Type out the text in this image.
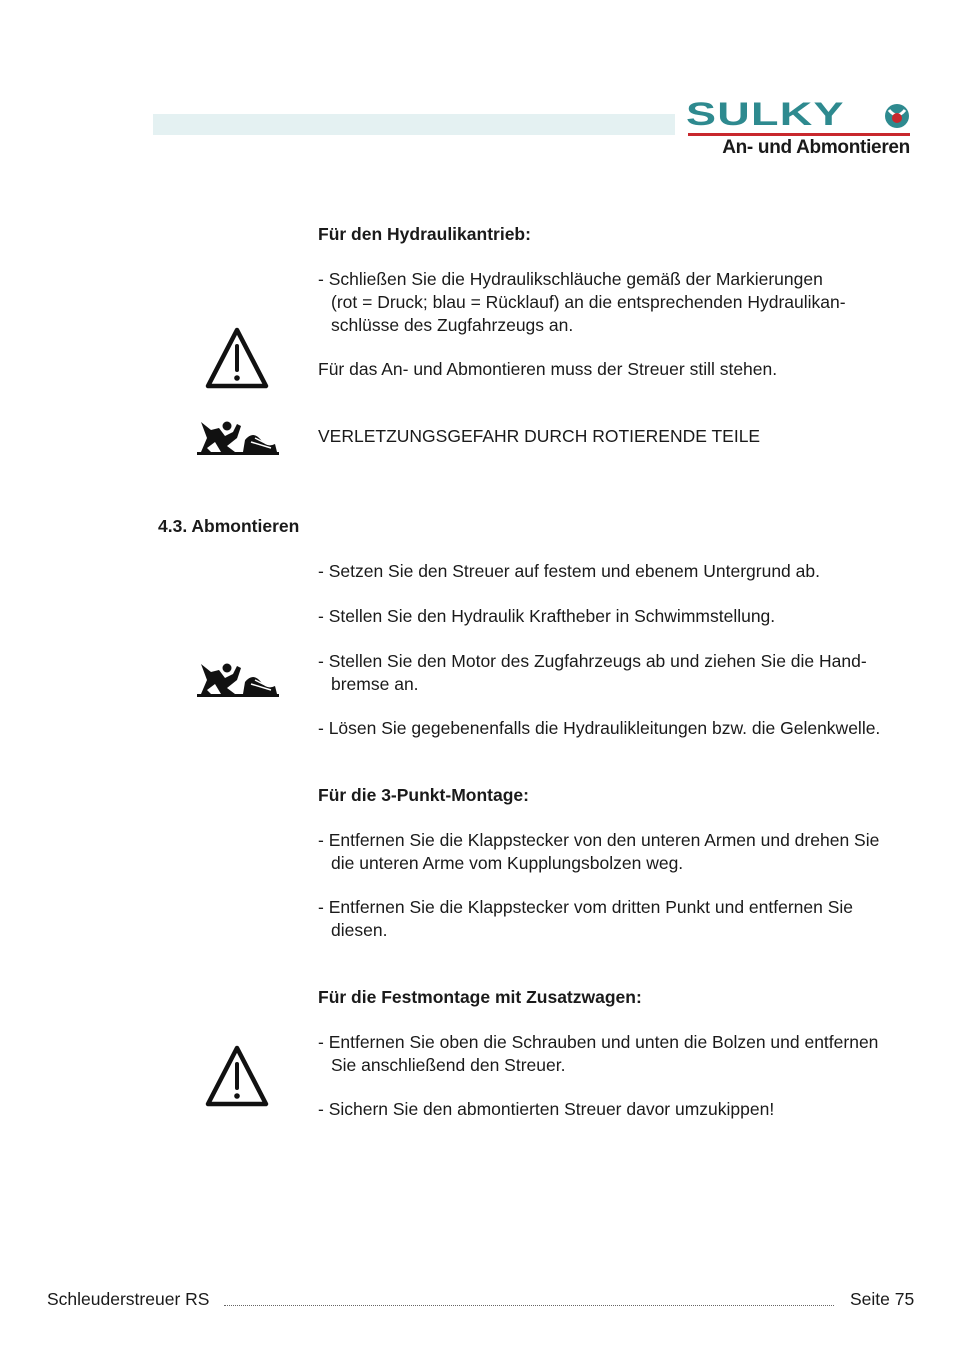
SULKY
An- und Abmontieren
Für den Hydraulikantrieb:
- Schließen Sie die Hydraulikschläuche gemäß der Markierungen
(rot = Druck; blau = Rücklauf) an die entsprechenden Hydraulikan-
schlüsse des Zugfahrzeugs an.
Für das An- und Abmontieren muss der Streuer still stehen.
VERLETZUNGSGEFAHR DURCH ROTIERENDE TEILE
4.3. Abmontieren
- Setzen Sie den Streuer auf festem und ebenem Untergrund ab.
- Stellen Sie den Hydraulik Kraftheber in Schwimmstellung.
- Stellen Sie den Motor des Zugfahrzeugs ab und ziehen Sie die Hand-
bremse an.
- Lösen Sie gegebenenfalls die Hydraulikleitungen bzw. die Gelenkwelle.
Für die 3-Punkt-Montage:
- Entfernen Sie die Klappstecker von den unteren Armen und drehen Sie
die unteren Arme vom Kupplungsbolzen weg.
- Entfernen Sie die Klappstecker vom dritten Punkt und entfernen Sie
diesen.
Für die Festmontage mit Zusatzwagen:
- Entfernen Sie oben die Schrauben und unten die Bolzen und entfernen
Sie anschließend den Streuer.
- Sichern Sie den abmontierten Streuer davor umzukippen!
Schleuderstreuer RS	Seite 75
